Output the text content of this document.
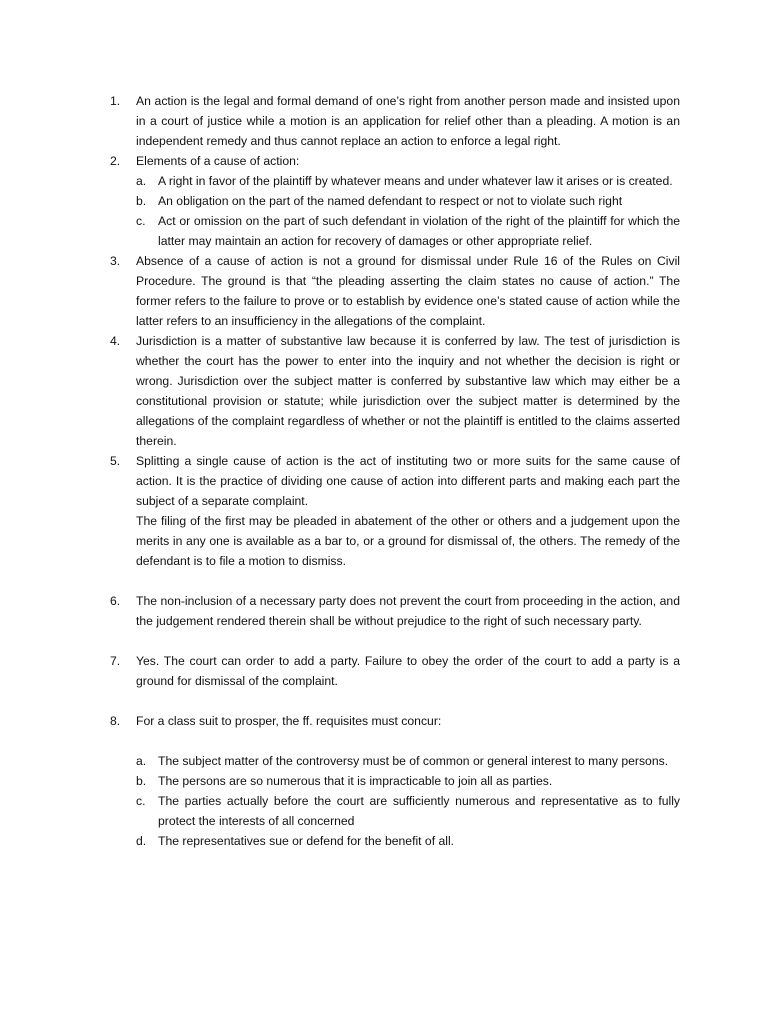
1.	An action is the legal and formal demand of one’s right from another person made and insisted upon in a court of justice while a motion is an application for relief other than a pleading. A motion is an independent remedy and thus cannot replace an action to enforce a legal right.

2.	Elements of a cause of action:

a. A right in favor of the plaintiff by whatever means and under whatever law it arises or is created.

b. An obligation on the part of the named defendant to respect or not to violate such right

c.	Act or omission on the part of such defendant in violation of the right of the plaintiff for which the latter may maintain an action for recovery of damages or other appropriate relief.

3.	Absence of a cause of action is not a ground for dismissal under Rule 16 of the Rules on Civil Procedure. The ground is that “the pleading asserting the claim states no cause of action.” The former refers to the failure to prove or to establish by evidence one’s stated cause of action while the latter refers to an insufficiency in the allegations of the complaint.

4.	Jurisdiction is a matter of substantive law because it is conferred by law. The test of jurisdiction is whether the court has the power to enter into the inquiry and not whether the decision is right or wrong. Jurisdiction over the subject matter is conferred by substantive law which may either be a constitutional provision or statute; while jurisdiction over the subject matter is determined by the allegations of the complaint regardless of whether or not the plaintiff is entitled to the claims asserted therein.

5.	Splitting a single cause of action is the act of instituting two or more suits for the same cause of action. It is the practice of dividing one cause of action into different parts and making each part the subject of a separate complaint.

The filing of the first may be pleaded in abatement of the other or others and a judgement upon the merits in any one is available as a bar to, or a ground for dismissal of, the others. The remedy of the defendant is to file a motion to dismiss.

6.	The non-inclusion of a necessary party does not prevent the court from proceeding in the action, and the judgement rendered therein shall be without prejudice to the right of such necessary party.

7.	Yes. The court can order to add a party. Failure to obey the order of the court to add a party is a ground for dismissal of the complaint.

8.	For a class suit to prosper, the ff. requisites must concur:

a. The subject matter of the controversy must be of common or general interest to many persons.

b. The persons are so numerous that it is impracticable to join all as parties.

c.	The parties actually before the court are sufficiently numerous and representative as to fully protect the interests of all concerned

d. The representatives sue or defend for the benefit of all.
